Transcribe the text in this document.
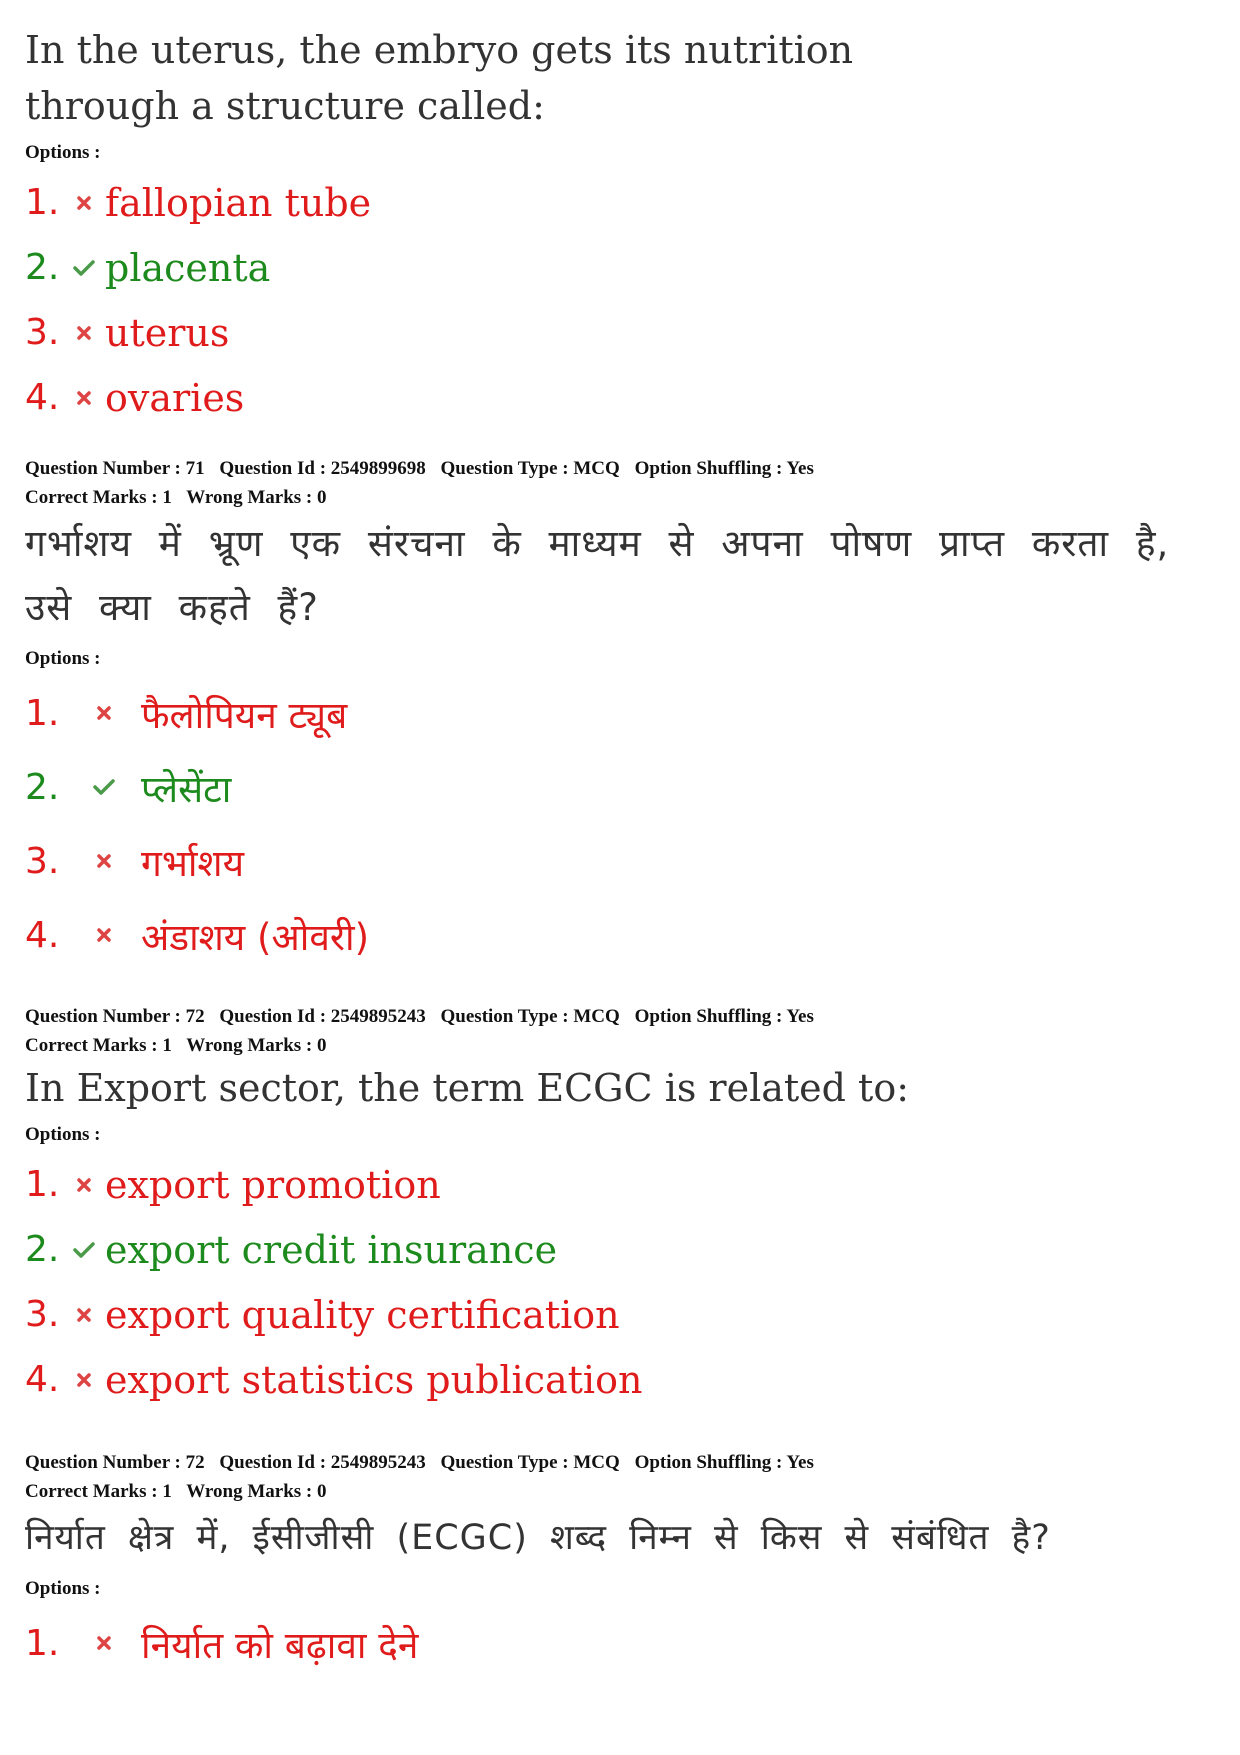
In the uterus, the embryo gets its nutrition through a structure called:

Options :

1.	fallopian tube
2.	placenta
3.	uterus
4.	ovaries

Question Number : 71 Question Id : 2549899698 Question Type : MCQ Option Shuffling : Yes

Correct Marks : 1 Wrong Marks : 0

गर्भाशय में भ्रूण एक संरचना के माध्यम से अपना पोषण प्राप्त करता है, उसे क्या कहते हैं?

Options :

1.	फैलोपियन ट्यूब
2.	प्लेसेंटा
3.	गर्भाशय
4.	अंडाशय (ओवरी)

Question Number : 72 Question Id : 2549895243 Question Type : MCQ Option Shuffling : Yes

Correct Marks : 1 Wrong Marks : 0

In Export sector, the term ECGC is related to:

Options :

1.	export promotion
2.	export credit insurance
3.	export quality certification
4.	export statistics publication

Question Number : 72 Question Id : 2549895243 Question Type : MCQ Option Shuffling : Yes

Correct Marks : 1 Wrong Marks : 0

निर्यात क्षेत्र में, ईसीजीसी (ECGC) शब्द निम्न से किस से संबंधित है?

Options :

1.	निर्यात को बढ़ावा देने
